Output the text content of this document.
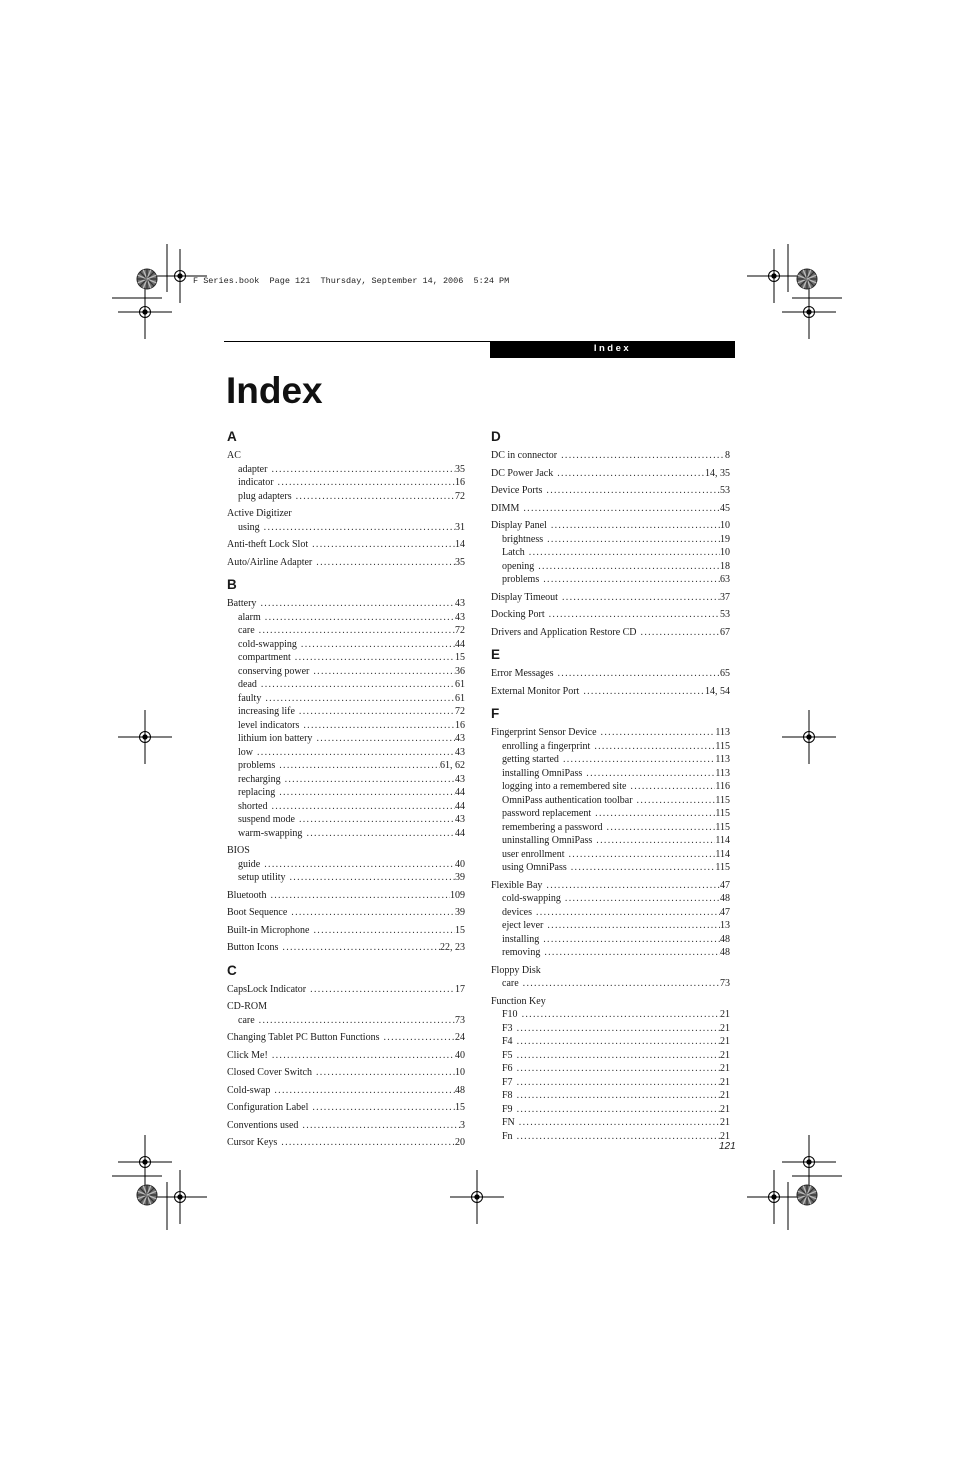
F Series.book  Page 121  Thursday, September 14, 2006  5:24 PM
Index
Index
A
AC
adapter . . .	35
indicator . . .	16
plug adapters . . .	72
Active Digitizer
using . . .	31
Anti-theft Lock Slot . . .	14
Auto/Airline Adapter . . .	35
B
Battery . . .	43
alarm . . .	43
care . . .	72
cold-swapping . . .	44
compartment . . .	15
conserving power . . .	36
dead . . .	61
faulty . . .	61
increasing life . . .	72
level indicators . . .	16
lithium ion battery . . .	43
low . . .	43
problems . . .	61, 62
recharging . . .	43
replacing . . .	44
shorted . . .	44
suspend mode . . .	43
warm-swapping . . .	44
BIOS
guide . . .	40
setup utility . . .	39
Bluetooth . . .	109
Boot Sequence . . .	39
Built-in Microphone . . .	15
Button Icons . . .	22, 23
C
CapsLock Indicator . . .	17
CD-ROM
care . . .	73
Changing Tablet PC Button Functions . . .	24
Click Me! . . .	40
Closed Cover Switch . . .	10
Cold-swap . . .	48
Configuration Label . . .	15
Conventions used . . .	3
Cursor Keys . . .	20
D
DC in connector . . .	8
DC Power Jack . . .	14, 35
Device Ports . . .	53
DIMM . . .	45
Display Panel . . .	10
brightness . . .	19
Latch . . .	10
opening . . .	18
problems . . .	63
Display Timeout . . .	37
Docking Port . . .	53
Drivers and Application Restore CD . . .	67
E
Error Messages . . .	65
External Monitor Port . . .	14, 54
F
Fingerprint Sensor Device . . .	113
enrolling a fingerprint . . .	115
getting started . . .	113
installing OmniPass . . .	113
logging into a remembered site . . .	116
OmniPass authentication toolbar . . .	115
password replacement . . .	115
remembering a password . . .	115
uninstalling OmniPass . . .	114
user enrollment . . .	114
using OmniPass . . .	115
Flexible Bay . . .	47
cold-swapping . . .	48
devices . . .	47
eject lever . . .	13
installing . . .	48
removing . . .	48
Floppy Disk
care . . .	73
Function Key
F10 . . .	21
F3 . . .	21
F4 . . .	21
F5 . . .	21
F6 . . .	21
F7 . . .	21
F8 . . .	21
F9 . . .	21
FN . . .	21
Fn . . .	21
121
